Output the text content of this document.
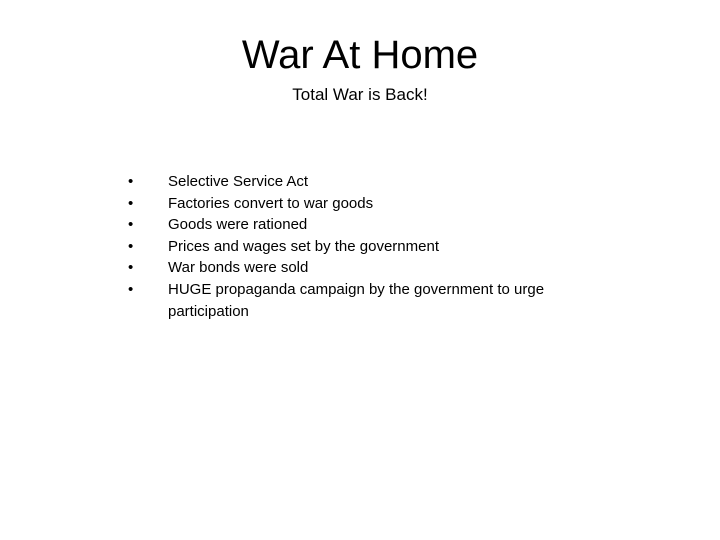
War At Home
Total War is Back!
•	Selective Service Act
•	Factories convert to war goods
•	Goods were rationed
•	Prices and wages set by the government
•	War bonds were sold
•	HUGE propaganda campaign by the government to urge participation
